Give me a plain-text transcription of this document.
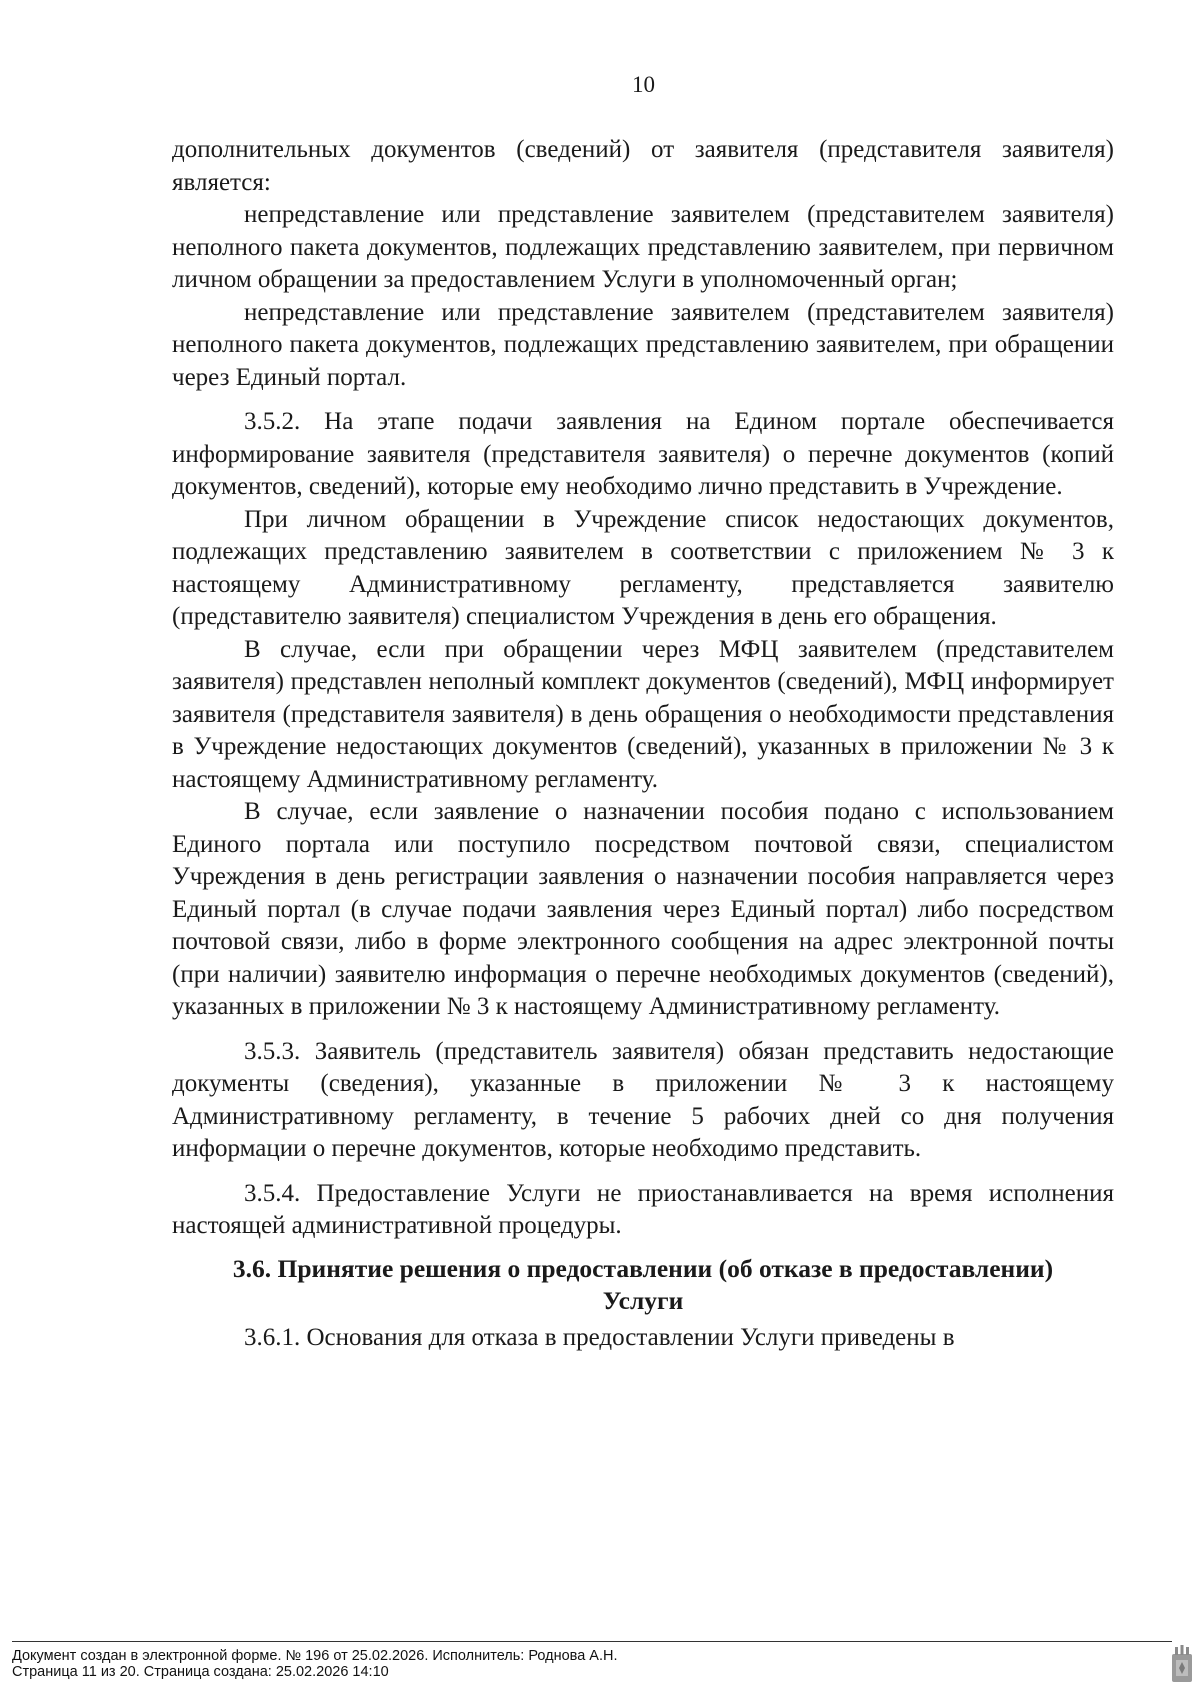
10

дополнительных документов (сведений) от заявителя (представителя заявителя) является:

непредставление или представление заявителем (представителем заявителя) неполного пакета документов, подлежащих представлению заявителем, при первичном личном обращении за предоставлением Услуги в уполномоченный орган;

непредставление или представление заявителем (представителем заявителя) неполного пакета документов, подлежащих представлению заявителем, при обращении через Единый портал.

3.5.2. На этапе подачи заявления на Едином портале обеспечивается информирование заявителя (представителя заявителя) о перечне документов (копий документов, сведений), которые ему необходимо лично представить в Учреждение.

При личном обращении в Учреждение список недостающих документов, подлежащих представлению заявителем в соответствии с приложением № 3 к настоящему Административному регламенту, представляется заявителю (представителю заявителя) специалистом Учреждения в день его обращения.

В случае, если при обращении через МФЦ заявителем (представителем заявителя) представлен неполный комплект документов (сведений), МФЦ информирует заявителя (представителя заявителя) в день обращения о необходимости представления в Учреждение недостающих документов (сведений), указанных в приложении № 3 к настоящему Административному регламенту.

В случае, если заявление о назначении пособия подано с использованием Единого портала или поступило посредством почтовой связи, специалистом Учреждения в день регистрации заявления о назначении пособия направляется через Единый портал (в случае подачи заявления через Единый портал) либо посредством почтовой связи, либо в форме электронного сообщения на адрес электронной почты (при наличии) заявителю информация о перечне необходимых документов (сведений), указанных в приложении № 3 к настоящему Административному регламенту.

3.5.3. Заявитель (представитель заявителя) обязан представить недостающие документы (сведения), указанные в приложении № 3 к настоящему Административному регламенту, в течение 5 рабочих дней со дня получения информации о перечне документов, которые необходимо представить.

3.5.4. Предоставление Услуги не приостанавливается на время исполнения настоящей административной процедуры.

3.6. Принятие решения о предоставлении (об отказе в предоставлении)
Услуги

3.6.1. Основания для отказа в предоставлении Услуги приведены в

Документ создан в электронной форме. № 196 от 25.02.2026. Исполнитель: Роднова А.Н.
Страница 11 из 20. Страница создана: 25.02.2026 14:10
